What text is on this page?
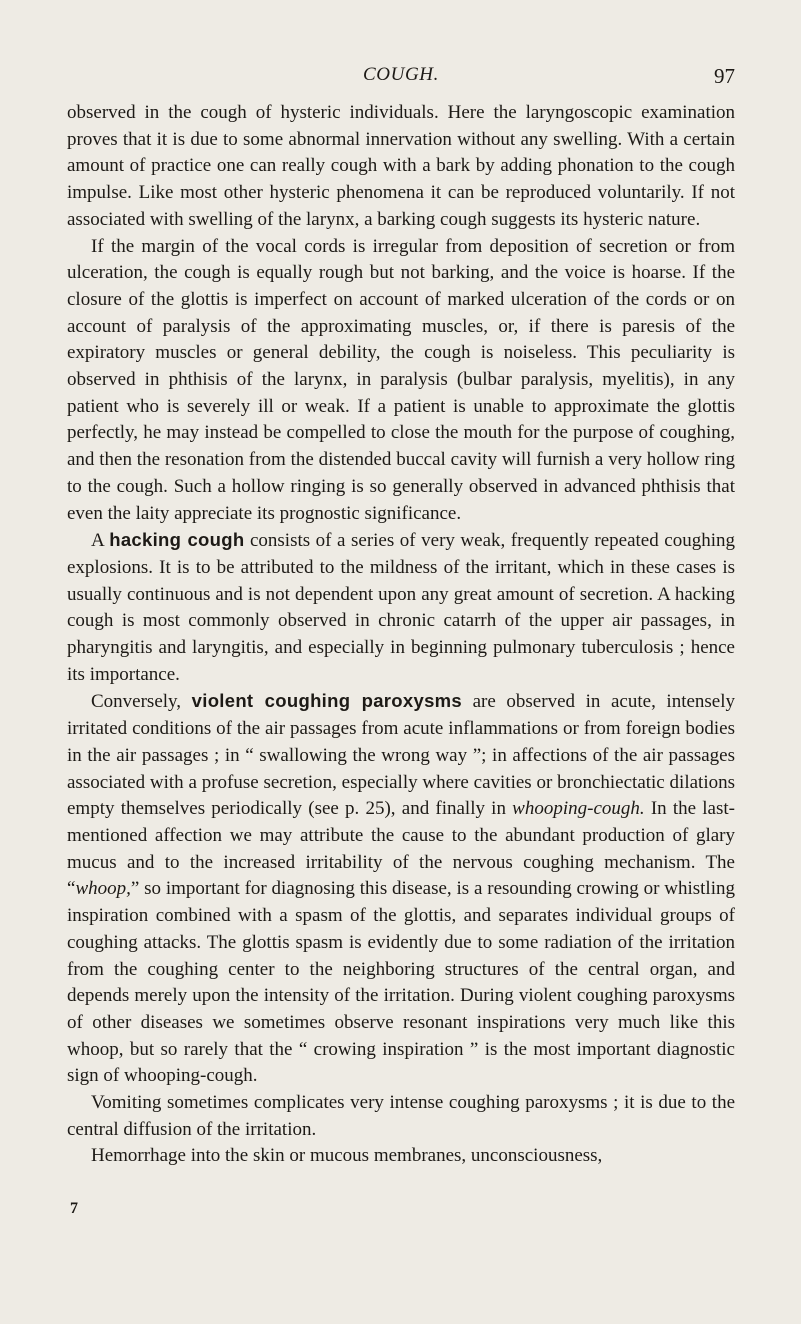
COUGH.	97

observed in the cough of hysteric individuals. Here the laryngoscopic examination proves that it is due to some abnormal innervation without any swelling. With a certain amount of practice one can really cough with a bark by adding phonation to the cough impulse. Like most other hysteric phenomena it can be reproduced voluntarily. If not associated with swelling of the larynx, a barking cough suggests its hysteric nature.

If the margin of the vocal cords is irregular from deposition of secretion or from ulceration, the cough is equally rough but not barking, and the voice is hoarse. If the closure of the glottis is imperfect on account of marked ulceration of the cords or on account of paralysis of the approximating muscles, or, if there is paresis of the expiratory muscles or general debility, the cough is noiseless. This peculiarity is observed in phthisis of the larynx, in paralysis (bulbar paralysis, myelitis), in any patient who is severely ill or weak. If a patient is unable to approximate the glottis perfectly, he may instead be compelled to close the mouth for the purpose of coughing, and then the resonation from the distended buccal cavity will furnish a very hollow ring to the cough. Such a hollow ringing is so generally observed in advanced phthisis that even the laity appreciate its prognostic significance.

A hacking cough consists of a series of very weak, frequently repeated coughing explosions. It is to be attributed to the mildness of the irritant, which in these cases is usually continuous and is not dependent upon any great amount of secretion. A hacking cough is most commonly observed in chronic catarrh of the upper air passages, in pharyngitis and laryngitis, and especially in beginning pulmonary tuberculosis ; hence its importance.

Conversely, violent coughing paroxysms are observed in acute, intensely irritated conditions of the air passages from acute inflammations or from foreign bodies in the air passages ; in “ swallowing the wrong way ”; in affections of the air passages associated with a profuse secretion, especially where cavities or bronchiectatic dilations empty themselves periodically (see p. 25), and finally in whooping-cough. In the last-mentioned affection we may attribute the cause to the abundant production of glary mucus and to the increased irritability of the nervous coughing mechanism. The “whoop,” so important for diagnosing this disease, is a resounding crowing or whistling inspiration combined with a spasm of the glottis, and separates individual groups of coughing attacks. The glottis spasm is evidently due to some radiation of the irritation from the coughing center to the neighboring structures of the central organ, and depends merely upon the intensity of the irritation. During violent coughing paroxysms of other diseases we sometimes observe resonant inspirations very much like this whoop, but so rarely that the “ crowing inspiration ” is the most important diagnostic sign of whooping-cough.

Vomiting sometimes complicates very intense coughing paroxysms ; it is due to the central diffusion of the irritation.

Hemorrhage into the skin or mucous membranes, unconsciousness,

7
